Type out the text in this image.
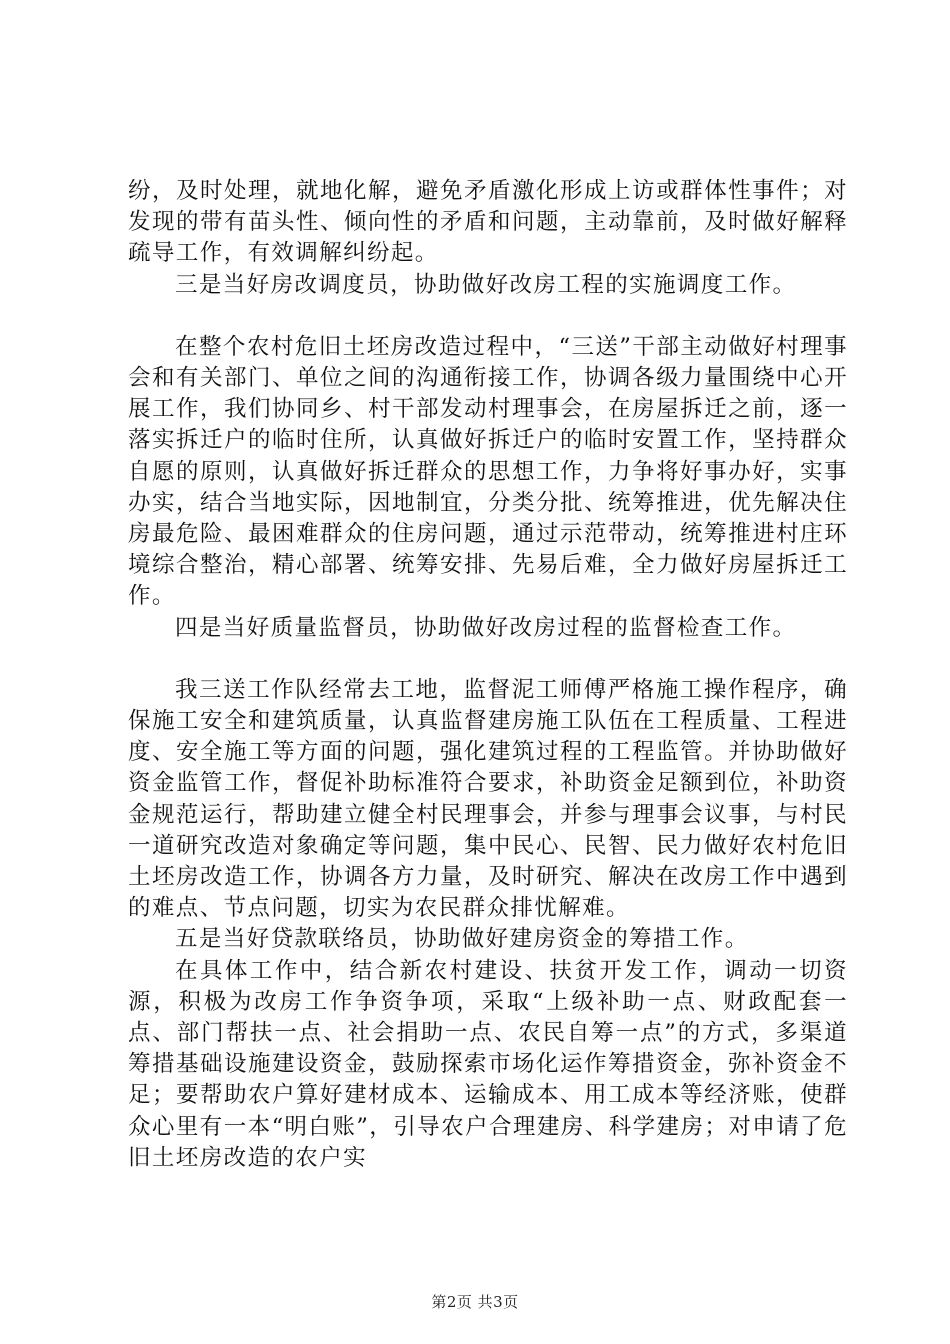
纷，及时处理，就地化解，避免矛盾激化形成上访或群体性事件；对发现的带有苗头性、倾向性的矛盾和问题，主动靠前，及时做好解释疏导工作，有效调解纠纷起。

三是当好房改调度员，协助做好改房工程的实施调度工作。

在整个农村危旧土坯房改造过程中，“三送”干部主动做好村理事会和有关部门、单位之间的沟通衔接工作，协调各级力量围绕中心开展工作，我们协同乡、村干部发动村理事会，在房屋拆迁之前，逐一落实拆迁户的临时住所，认真做好拆迁户的临时安置工作，坚持群众自愿的原则，认真做好拆迁群众的思想工作，力争将好事办好，实事办实，结合当地实际，因地制宜，分类分批、统筹推进，优先解决住房最危险、最困难群众的住房问题，通过示范带动，统筹推进村庄环境综合整治，精心部署、统筹安排、先易后难，全力做好房屋拆迁工作。

四是当好质量监督员，协助做好改房过程的监督检查工作。

我三送工作队经常去工地，监督泥工师傅严格施工操作程序，确保施工安全和建筑质量，认真监督建房施工队伍在工程质量、工程进度、安全施工等方面的问题，强化建筑过程的工程监管。并协助做好资金监管工作，督促补助标准符合要求，补助资金足额到位，补助资金规范运行，帮助建立健全村民理事会，并参与理事会议事，与村民一道研究改造对象确定等问题，集中民心、民智、民力做好农村危旧土坯房改造工作，协调各方力量，及时研究、解决在改房工作中遇到的难点、节点问题，切实为农民群众排忧解难。

五是当好贷款联络员，协助做好建房资金的筹措工作。

在具体工作中，结合新农村建设、扶贫开发工作，调动一切资源，积极为改房工作争资争项，采取“上级补助一点、财政配套一点、部门帮扶一点、社会捐助一点、农民自筹一点”的方式，多渠道筹措基础设施建设资金，鼓励探索市场化运作筹措资金，弥补资金不足；要帮助农户算好建材成本、运输成本、用工成本等经济账，使群众心里有一本“明白账”，引导农户合理建房、科学建房；对申请了危旧土坯房改造的农户实

第2页 共3页
